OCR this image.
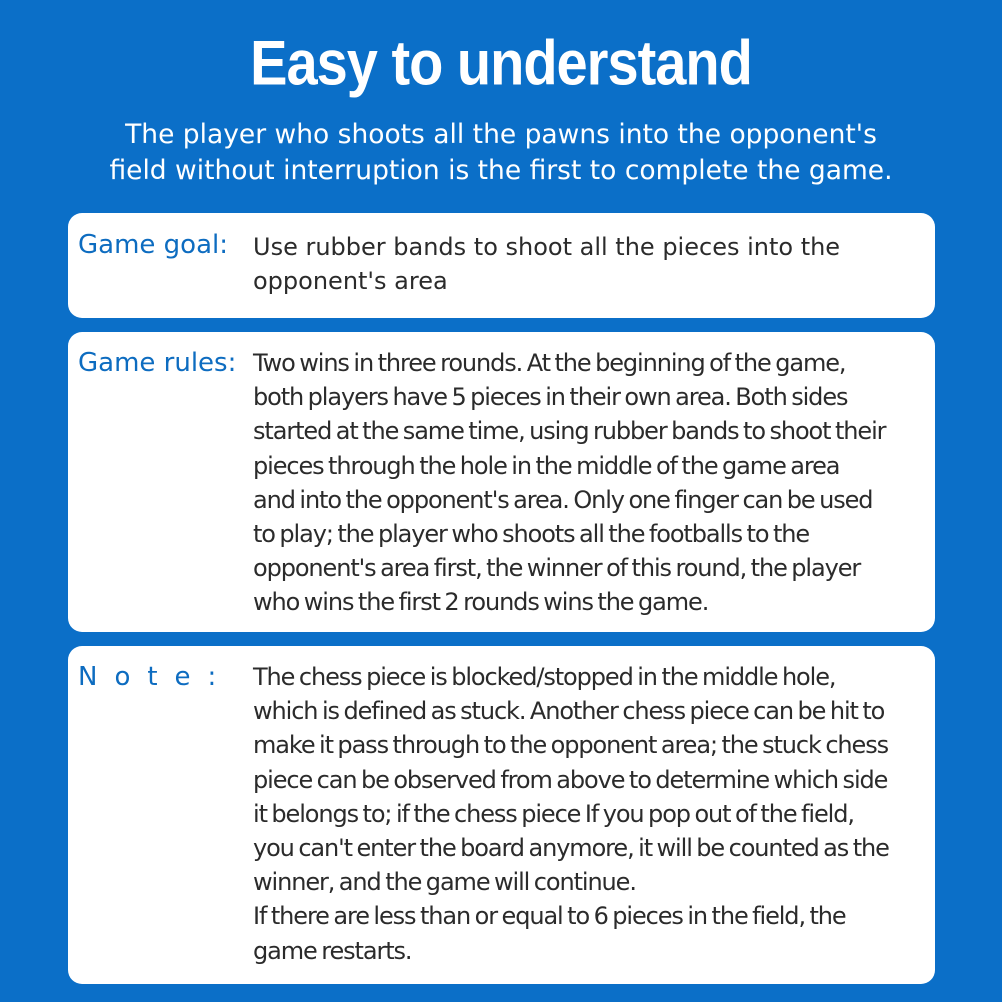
Easy to understand
The player who shoots all the pawns into the opponent's
field without interruption is the first to complete the game.
Game goal: Use rubber bands to shoot all the pieces into the
opponent's area
Game rules: Two wins in three rounds. At the beginning of the game,
both players have 5 pieces in their own area. Both sides
started at the same time, using rubber bands to shoot their
pieces through the hole in the middle of the game area
and into the opponent's area. Only one finger can be used
to play; the player who shoots all the footballs to the
opponent's area first, the winner of this round, the player
who wins the first 2 rounds wins the game.
Note: The chess piece is blocked/stopped in the middle hole,
which is defined as stuck. Another chess piece can be hit to
make it pass through to the opponent area; the stuck chess
piece can be observed from above to determine which side
it belongs to; if the chess piece If you pop out of the field,
you can't enter the board anymore, it will be counted as the
winner, and the game will continue.
If there are less than or equal to 6 pieces in the field, the
game restarts.
